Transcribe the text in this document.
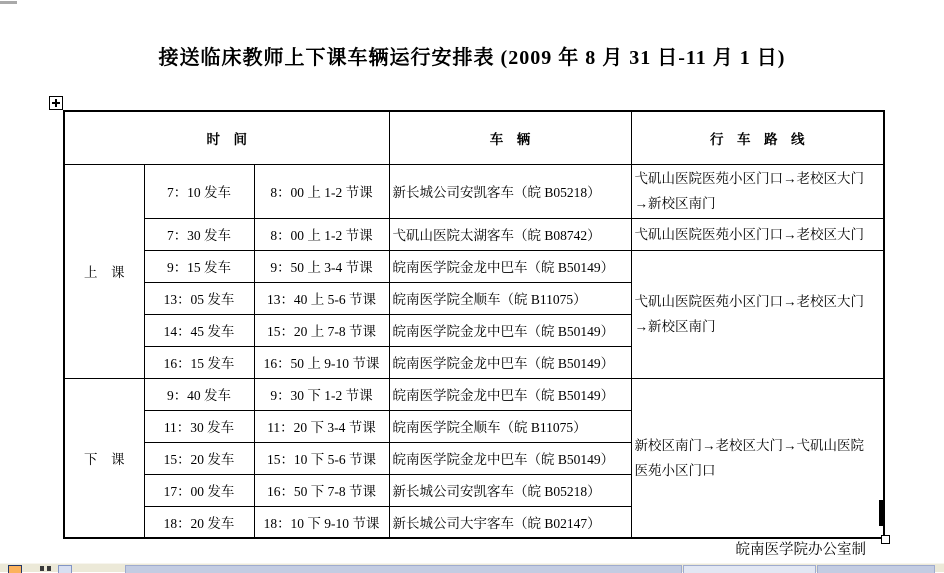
接送临床教师上下课车辆运行安排表 (2009 年 8 月 31 日-11 月 1 日)
时　间			车　辆	行　车　路　线
上　课	7：10 发车	8：00 上 1-2 节课	新长城公司安凯客车（皖 B05218）	弋矶山医院医苑小区门口→老校区大门→新校区南门
	7：30 发车	8：00 上 1-2 节课	弋矶山医院太湖客车（皖 B08742）	弋矶山医院医苑小区门口→老校区大门
	9：15 发车	9：50 上 3-4 节课	皖南医学院金龙中巴车（皖 B50149）	弋矶山医院医苑小区门口→老校区大门→新校区南门
	13：05 发车	13：40 上 5-6 节课	皖南医学院全顺车（皖 B11075）	
	14：45 发车	15：20 上 7-8 节课	皖南医学院金龙中巴车（皖 B50149）	
	16：15 发车	16：50 上 9-10 节课	皖南医学院金龙中巴车（皖 B50149）	
下　课	9：40 发车	9：30 下 1-2 节课	皖南医学院金龙中巴车（皖 B50149）	新校区南门→老校区大门→弋矶山医院医苑小区门口
	11：30 发车	11：20 下 3-4 节课	皖南医学院全顺车（皖 B11075）	
	15：20 发车	15：10 下 5-6 节课	皖南医学院金龙中巴车（皖 B50149）	
	17：00 发车	16：50 下 7-8 节课	新长城公司安凯客车（皖 B05218）	
	18：20 发车	18：10 下 9-10 节课	新长城公司大宇客车（皖 B02147）	
皖南医学院办公室制
